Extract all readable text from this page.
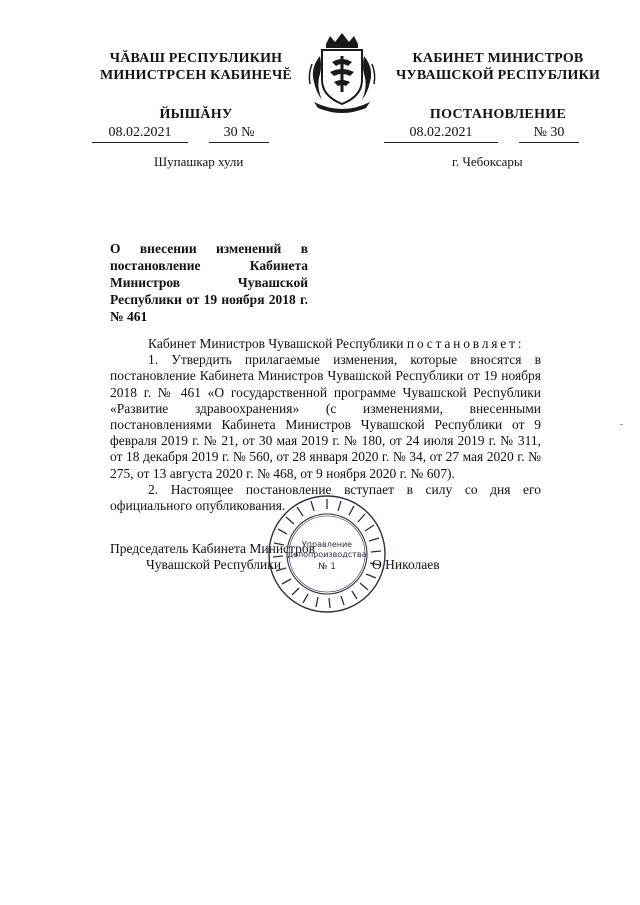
ЧĂВАШ РЕСПУБЛИКИН
МИНИСТРСЕН КАБИНЕЧĔ
ЙЫШĂНУ
КАБИНЕТ МИНИСТРОВ
ЧУВАШСКОЙ РЕСПУБЛИКИ
ПОСТАНОВЛЕНИЕ
08.02.2021	30 №	08.02.2021	№ 30
Шупашкар хули	г. Чебоксары
О внесении изменений в постановление Кабинета Министров Чувашской Республики от 19 ноября 2018 г. № 461

Кабинет Министров Чувашской Республики постановляет:

1. Утвердить прилагаемые изменения, которые вносятся в постановление Кабинета Министров Чувашской Республики от 19 ноября 2018 г. № 461 «О государственной программе Чувашской Республики «Развитие здравоохранения» (с изменениями, внесенными постановлениями Кабинета Министров Чувашской Республики от 9 февраля 2019 г. № 21, от 30 мая 2019 г. № 180, от 24 июля 2019 г. № 311, от 18 декабря 2019 г. № 560, от 28 января 2020 г. № 34, от 27 мая 2020 г. № 275, от 13 августа 2020 г. № 468, от 9 ноября 2020 г. № 607).

2. Настоящее постановление вступает в силу со дня его официального опубликования.

Управление
делопроизводства
№ 1
Председатель Кабинета Министров
Чувашской Республики	О.Николаев
